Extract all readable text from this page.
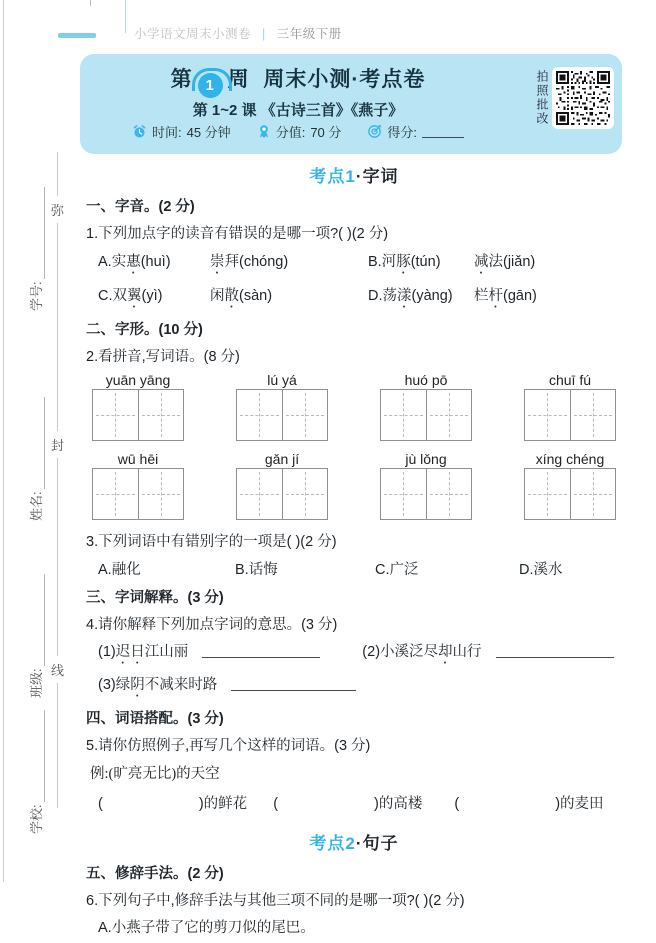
小学语文周末小测卷 | 三年级下册
第 1 周 周末小测·考点卷
第 1~2 课 《古诗三首》《燕子》
时间: 45 分钟	分值: 70 分	得分:
拍照批改
学号:
姓名:
班级:
学校:
弥
封
线
考点1·字词
一、字音。(2 分)
1.下列加点字的读音有错误的是哪一项?( )(2 分)
A.实惠(huì)	崇拜(chóng)	B.河豚(tún)	减法(jiǎn)
C.双翼(yì)	闲散(sàn)	D.荡漾(yàng)	栏杆(gān)
二、字形。(10 分)
2.看拼音,写词语。(8 分)
yuān yāng	lú yá	huó pō	chuī fú
wū hēi	gǎn jí	jù lǒng	xíng chéng
3.下列词语中有错别字的一项是( )(2 分)
A.融化	B.话悔	C.广泛	D.溪水
三、字词解释。(3 分)
4.请你解释下列加点字词的意思。(3 分)
(1)迟日江山丽	(2)小溪泛尽却山行
(3)绿阴不减来时路
四、词语搭配。(3 分)
5.请你仿照例子,再写几个这样的词语。(3 分)
例:(旷亮无比)的天空
(	)的鲜花 (	)的高楼 (	)的麦田
考点2·句子
五、修辞手法。(2 分)
6.下列句子中,修辞手法与其他三项不同的是哪一项?( )(2 分)
A.小燕子带了它的剪刀似的尾巴。
